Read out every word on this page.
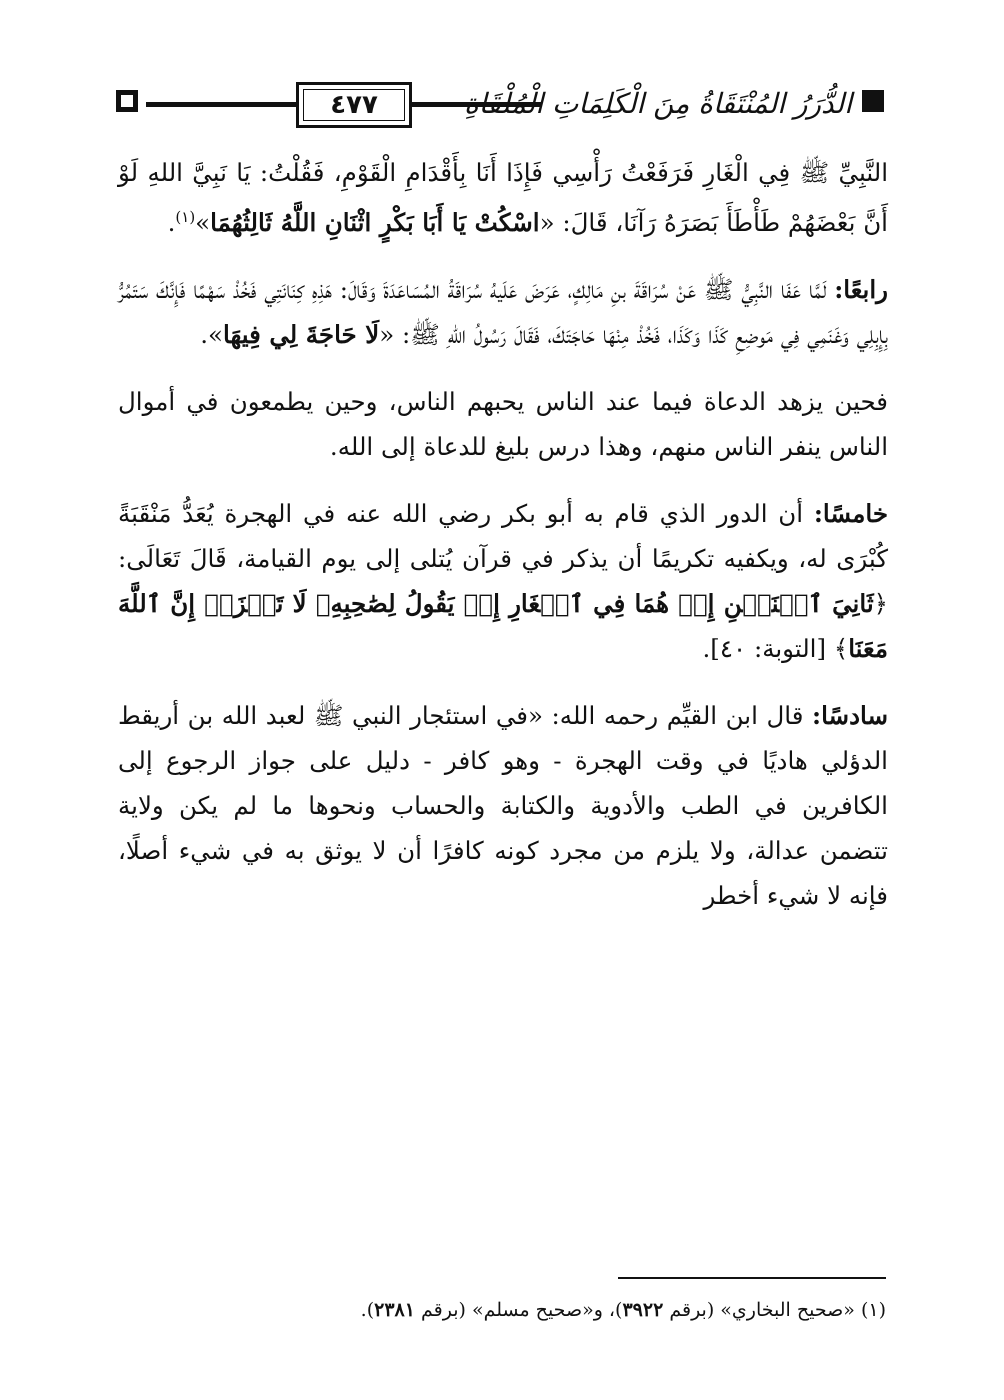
٤٧٧	الدُّرَرُ المُنْتَقَاةُ مِنَ الْكَلِمَاتِ الْمُلْقَاةِ

النَّبِيِّ ﷺ فِي الْغَارِ فَرَفَعْتُ رَأْسِي فَإِذَا أَنَا بِأَقْدَامِ الْقَوْمِ، فَقُلْتُ: يَا نَبِيَّ اللهِ لَوْ أَنَّ بَعْضَهُمْ طَأْطَأَ بَصَرَهُ رَآنَا، قَالَ: «اسْكُتْ يَا أَبَا بَكْرٍ اثْنَانِ اللَّهُ ثَالِثُهُمَا»$^{(١)}$.

رابعًا: لَمَّا عَفَا النَّبِيُّ ﷺ عَنْ سُرَاقَةَ بنِ مَالِكٍ، عَرَضَ عَلَيهُ سُرَاقَةُ المُسَاعَدَةَ وَقَالَ: هَذِهِ كِنَانَتِي فَخُذْ سَهْمًا فَإِنَّكَ سَتَمُرُّ بِإِبِلِي وَغَنَمِي فِي مَوضِعِ كَذَا وَكَذَا، فَخُذْ مِنْهَا حَاجَتَكَ، فَقَالَ رَسُولُ اللهِ ﷺ: «لَا حَاجَةَ لِي فِيهَا».

فحين يزهد الدعاة فيما عند الناس يحبهم الناس، وحين يطمعون في أموال الناس ينفر الناس منهم، وهذا درس بليغ للدعاة إلى الله.

خامسًا: أن الدور الذي قام به أبو بكر رضي الله عنه في الهجرة يُعَدُّ مَنْقَبَةً كُبْرَى له، ويكفيه تكريمًا أن يذكر في قرآن يُتلى إلى يوم القيامة، قَالَ تَعَالَى: ﴿ثَانِيَ ٱثۡنَيۡنِ إِذۡ هُمَا فِي ٱلۡغَارِ إِذۡ يَقُولُ لِصَٰحِبِهِۦ لَا تَحۡزَنۡ إِنَّ ٱللَّهَ مَعَنَا﴾ [التوبة: ٤٠].

سادسًا: قال ابن القيِّم رحمه الله: «في استئجار النبي ﷺ لعبد الله بن أريقط الدؤلي هاديًا في وقت الهجرة - وهو كافر - دليل على جواز الرجوع إلى الكافرين في الطب والأدوية والكتابة والحساب ونحوها ما لم يكن ولاية تتضمن عدالة، ولا يلزم من مجرد كونه كافرًا أن لا يوثق به في شيء أصلًا، فإنه لا شيء أخطر

(١) «صحيح البخاري» (برقم ٣٩٢٢)، و«صحيح مسلم» (برقم ٢٣٨١).
